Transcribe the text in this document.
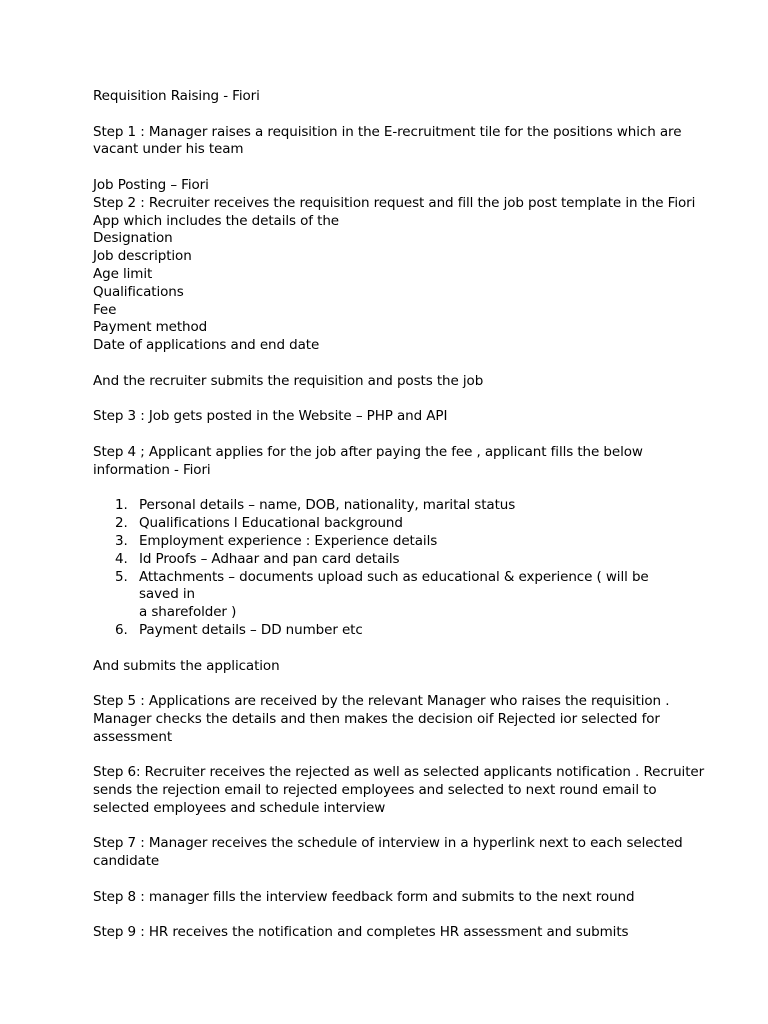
Requisition Raising - Fiori

Step 1 : Manager raises a requisition in the E-recruitment tile for the positions which are
vacant under his team

Job Posting – Fiori
Step 2 : Recruiter receives the requisition request and fill the job post template in the Fiori
App which includes the details of the
Designation
Job description
Age limit
Qualifications
Fee
Payment method
Date of applications and end date

And the recruiter submits the requisition and posts the job

Step 3 : Job gets posted in the Website – PHP and API

Step 4 ; Applicant applies for the job after paying the fee , applicant fills the below
information - Fiori

1. Personal details – name, DOB, nationality, marital status
2. Qualifications l Educational background
3. Employment experience : Experience details
4. Id Proofs – Adhaar and pan card details
5. Attachments – documents upload such as educational & experience ( will be saved in
a sharefolder )
6. Payment details – DD number etc

And submits the application

Step 5 : Applications are received by the relevant Manager who raises the requisition .
Manager checks the details and then makes the decision oif Rejected ior selected for
assessment

Step 6: Recruiter receives the rejected as well as selected applicants notification . Recruiter
sends the rejection email to rejected employees and selected to next round email to
selected employees and schedule interview

Step 7 : Manager receives the schedule of interview in a hyperlink next to each selected
candidate

Step 8 : manager fills the interview feedback form and submits to the next round

Step 9 : HR receives the notification and completes HR assessment and submits
